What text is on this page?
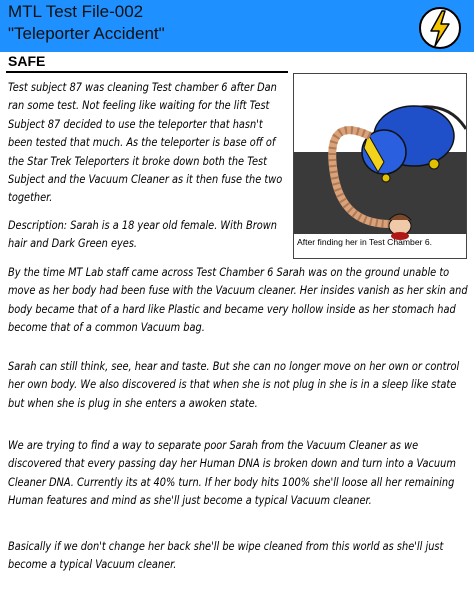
MTL Test File-002
"Teleporter Accident"
SAFE
Test subject 87 was cleaning Test chamber 6 after Dan ran some test. Not feeling like waiting for the lift Test Subject 87 decided to use the teleporter that hasn't been tested that much. As the teleporter is base off of the Star Trek Teleporters it broke down both the Test Subject and the Vacuum Cleaner as it then fuse the two together.
After finding her in Test Chamber 6.
Description: Sarah is a 18 year old female. With Brown hair and Dark Green eyes.
By the time MT Lab staff came across Test Chamber 6 Sarah was on the ground unable to move as her body had been fuse with the Vacuum cleaner. Her insides vanish as her skin and body became that of a hard like Plastic and became very hollow inside as her stomach had become that of a common Vacuum bag.
Sarah can still think, see, hear and taste. But she can no longer move on her own or control her own body. We also discovered is that when she is not plug in she is in a sleep like state but when she is plug in she enters a awoken state.
We are trying to find a way to separate poor Sarah from the Vacuum Cleaner as we discovered that every passing day her Human DNA is broken down and turn into a Vacuum Cleaner DNA. Currently its at 40% turn. If her body hits 100% she'll loose all her remaining Human features and mind as she'll just become a typical Vacuum cleaner.
Basically if we don't change her back she'll be wipe cleaned from this world as she'll just become a typical Vacuum cleaner.
